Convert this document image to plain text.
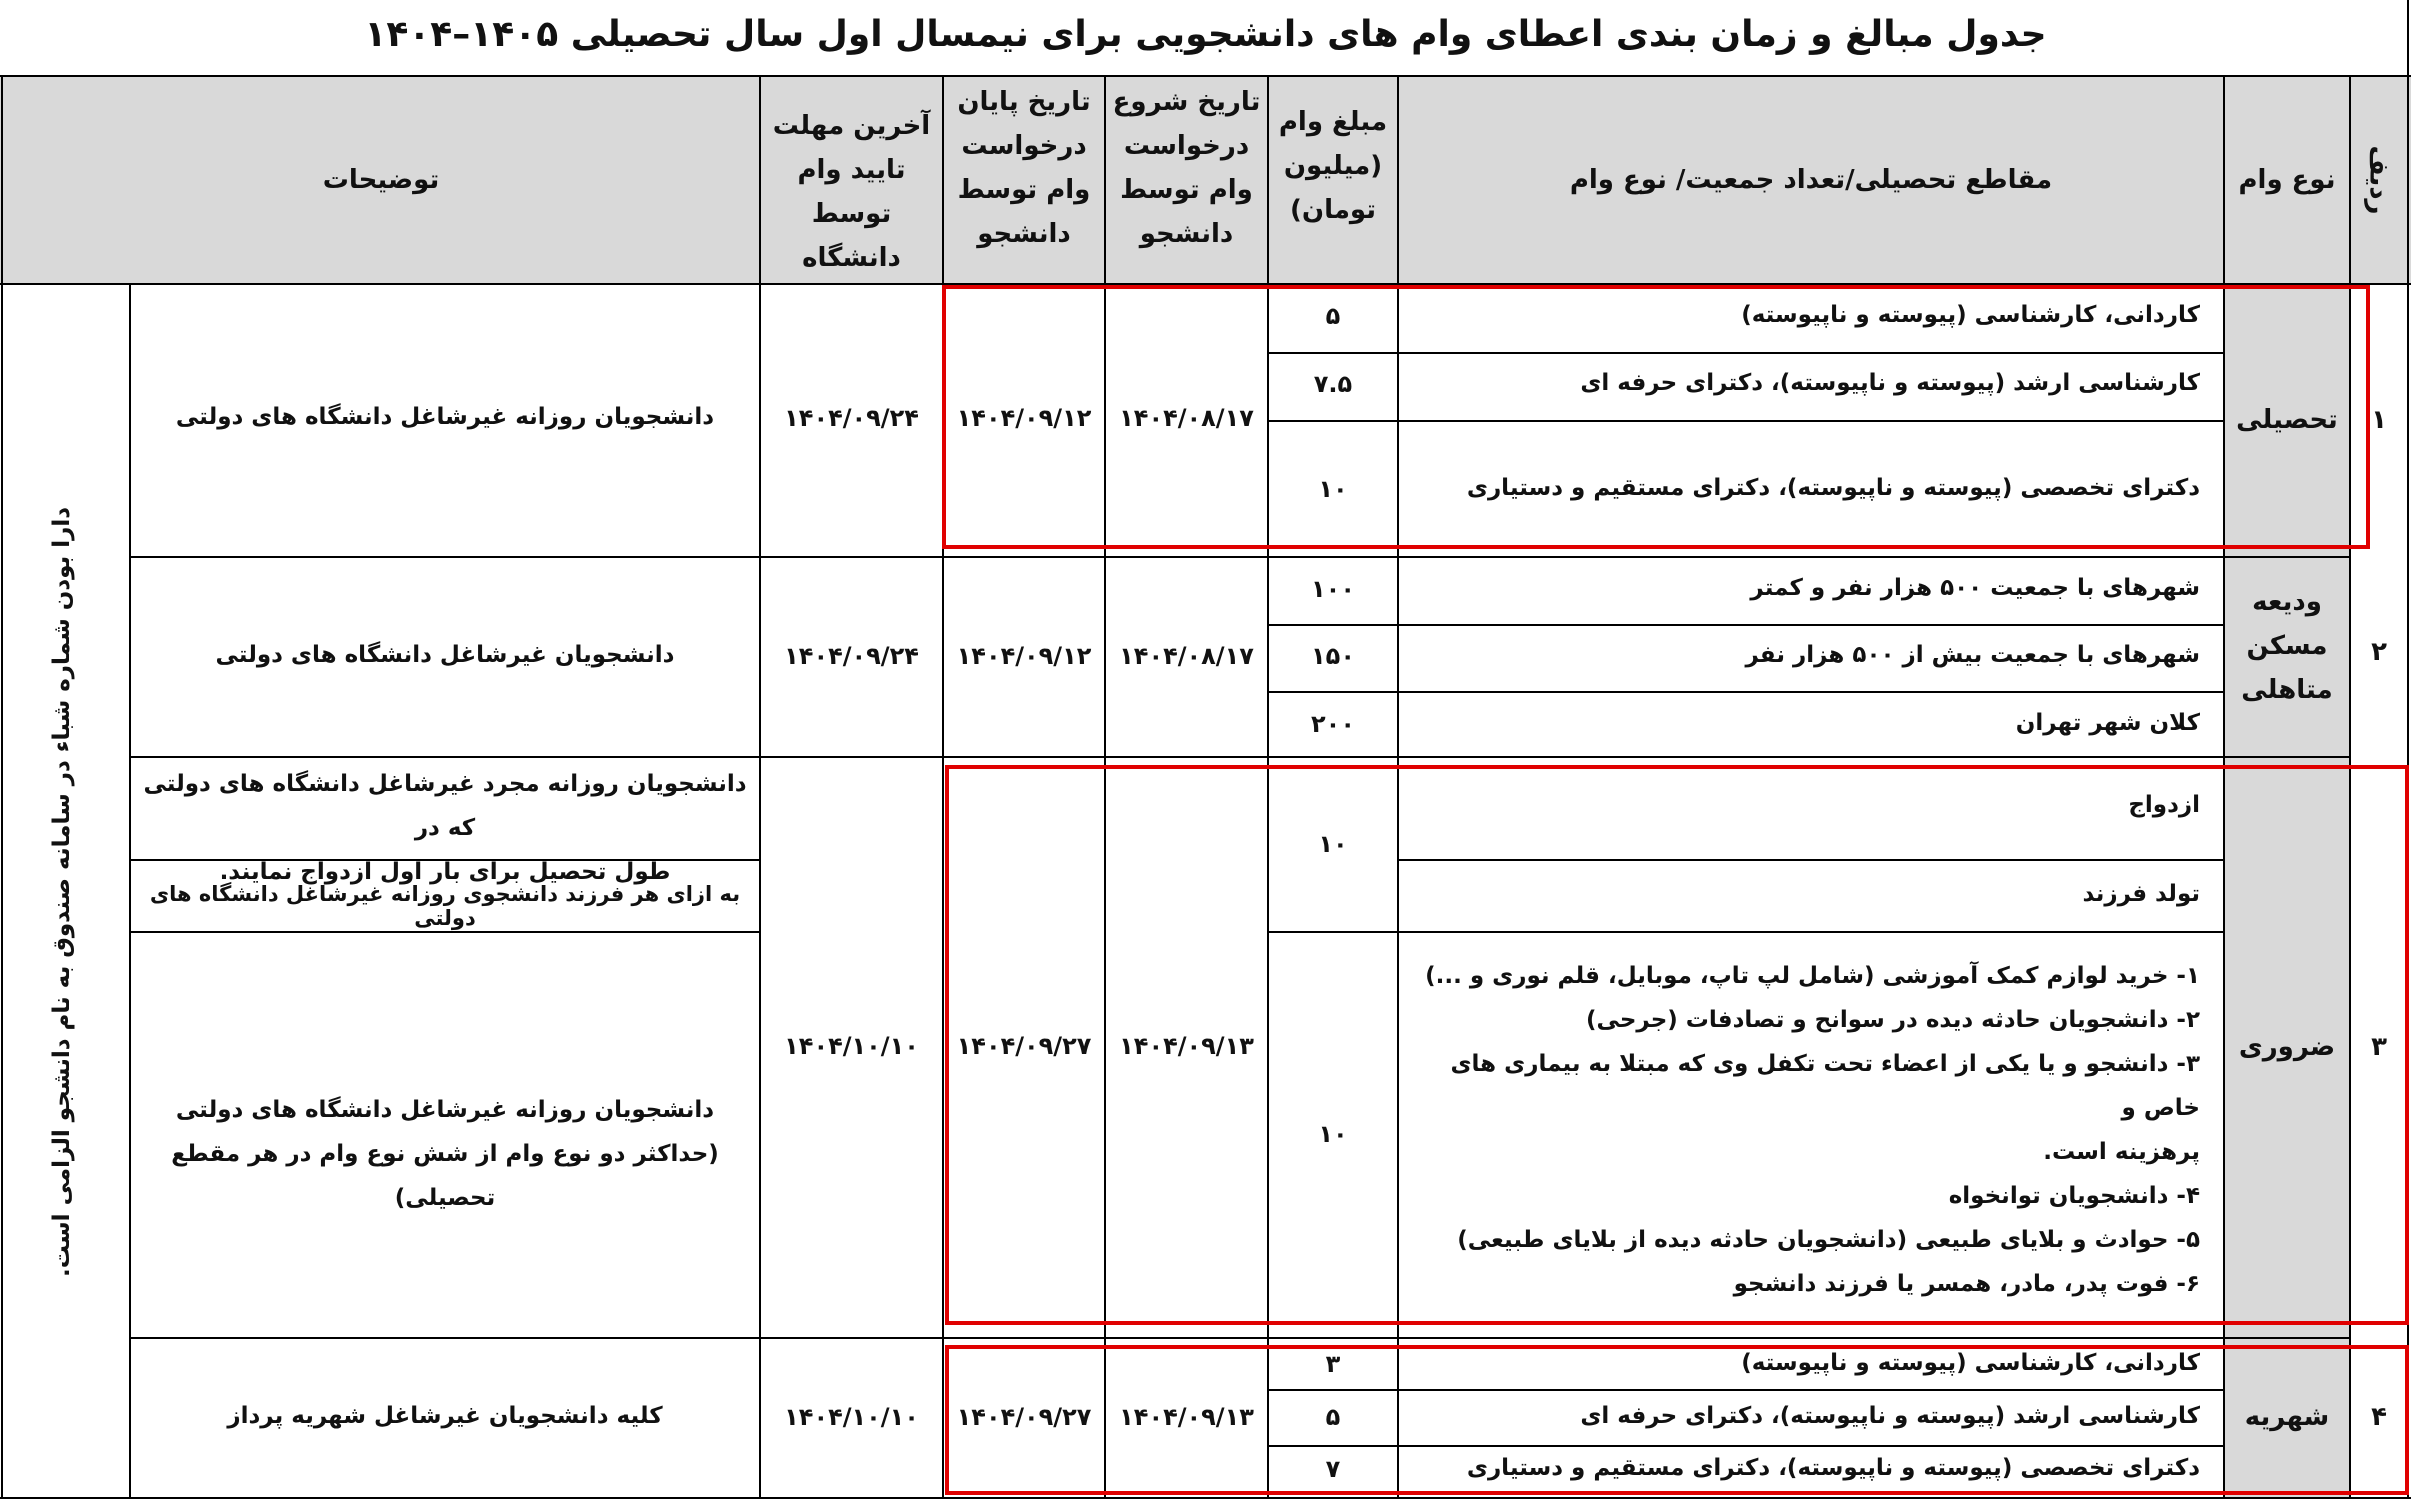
جدول مبالغ و زمان بندی اعطای وام های دانشجویی برای نیمسال اول سال تحصیلی ۱۴۰۵–۱۴۰۴
دارا بودن شماره شباء در سامانه صندوق به نام دانشجو الزامی است.
ردیف
نوع وام
مقاطع تحصیلی/تعداد جمعیت/ نوع وام
مبلغ وام
(میلیون
تومان)
تاریخ شروع
درخواست
وام توسط
دانشجو
تاریخ پایان
درخواست
وام توسط
دانشجو
آخرین مهلت
تایید وام
توسط دانشگاه
توضیحات
۱
تحصیلی
کاردانی، کارشناسی (پیوسته و ناپیوسته)
کارشناسی ارشد (پیوسته و ناپیوسته)، دکترای حرفه ای
دکترای تخصصی (پیوسته و ناپیوسته)، دکترای مستقیم و دستیاری
۵
۷.۵
۱۰
۱۴۰۴/۰۸/۱۷
۱۴۰۴/۰۹/۱۲
۱۴۰۴/۰۹/۲۴
دانشجویان روزانه غیرشاغل دانشگاه های دولتی
۲
ودیعه
مسکن
متاهلی
شهرهای با جمعیت ۵۰۰ هزار نفر و کمتر
شهرهای با جمعیت بیش از ۵۰۰ هزار نفر
کلان شهر تهران
۱۰۰
۱۵۰
۲۰۰
۱۴۰۴/۰۸/۱۷
۱۴۰۴/۰۹/۱۲
۱۴۰۴/۰۹/۲۴
دانشجویان غیرشاغل دانشگاه های دولتی
۳
ضروری
ازدواج
تولد فرزند
۱- خرید لوازم کمک آموزشی (شامل لپ تاپ، موبایل، قلم نوری و ...)
۲- دانشجویان حادثه دیده در سوانح و تصادفات (جرحی)
۳- دانشجو و یا یکی از اعضاء تحت تکفل وی که مبتلا به بیماری های خاص و
پرهزینه است.
۴- دانشجویان توانخواه
۵- حوادث و بلایای طبیعی (دانشجویان حادثه دیده از بلایای طبیعی)
۶- فوت پدر، مادر، همسر یا فرزند دانشجو
۱۰
۱۰
۱۴۰۴/۰۹/۱۳
۱۴۰۴/۰۹/۲۷
۱۴۰۴/۱۰/۱۰
دانشجویان روزانه مجرد غیرشاغل دانشگاه های دولتی که در
طول تحصیل برای بار اول ازدواج نمایند.
به ازای هر فرزند دانشجوی روزانه غیرشاغل دانشگاه های دولتی
دانشجویان روزانه غیرشاغل دانشگاه های دولتی
(حداکثر دو نوع وام از شش نوع وام در هر مقطع تحصیلی)
۴
شهریه
کاردانی، کارشناسی (پیوسته و ناپیوسته)
کارشناسی ارشد (پیوسته و ناپیوسته)، دکترای حرفه ای
دکترای تخصصی (پیوسته و ناپیوسته)، دکترای مستقیم و دستیاری
۳
۵
۷
۱۴۰۴/۰۹/۱۳
۱۴۰۴/۰۹/۲۷
۱۴۰۴/۱۰/۱۰
کلیه دانشجویان غیرشاغل شهریه پرداز
